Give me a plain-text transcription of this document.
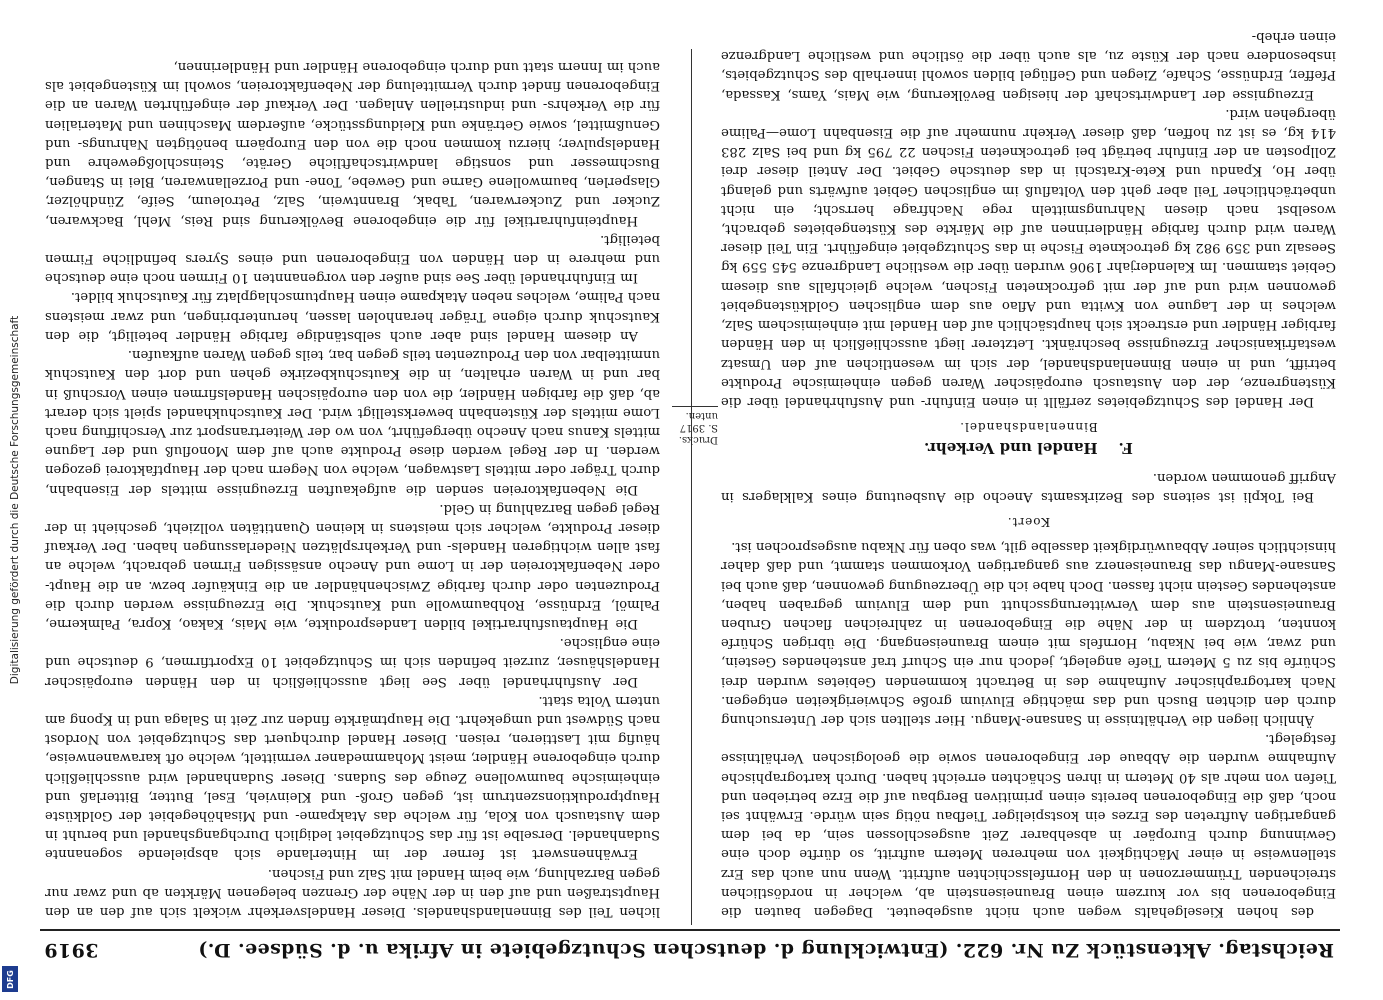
Digitalisierung gefördert durch die Deutsche Forschungsgemeinschaft
DFG
Reichstag. Aktenstück Zu Nr. 622. (Entwicklung d. deutschen Schutzgebiete in Afrika u. d. Südsee. D.)
3919

des hohen Kieselgehalts wegen auch nicht ausgebeutet. Dagegen bauten die Eingeborenen bis vor kurzem einen Brauneisenstein ab, welcher in nordöstlichen streichenden Trümmerzonen in den Hornfelsschichten auftritt. Wenn nun auch das Erz stellenweise in einer Mächtigkeit von mehreren Metern auftritt, so dürfte doch eine Gewinnung durch Europäer in absehbarer Zeit ausgeschlossen sein, da bei dem gangartigen Auftreten des Erzes ein kostspieliger Tiefbau nötig sein würde. Erwähnt sei noch, daß die Eingeborenen bereits einen primitiven Bergbau auf die Erze betrieben und Tiefen von mehr als 40 Metern in ihren Schächten erreicht haben. Durch kartographische Aufnahme wurden die Abbaue der Eingeborenen sowie die geologischen Verhältnisse festgelegt.

Ähnlich liegen die Verhältnisse in Sansane-Mangu. Hier stellten sich der Untersuchung durch den dichten Busch und das mächtige Eluvium große Schwierigkeiten entgegen. Nach kartographischer Aufnahme des in Betracht kommenden Gebietes wurden drei Schürfe bis zu 5 Metern Tiefe angelegt, jedoch nur ein Schurf traf anstehendes Gestein, und zwar, wie bei Nkabu, Hornfels mit einem Brauneisengang. Die übrigen Schürfe konnten, trotzdem in der Nähe die Eingeborenen in zahlreichen flachen Gruben Brauneisenstein aus dem Verwitterungsschutt und dem Eluvium gegraben haben, anstehendes Gestein nicht fassen. Doch habe ich die Überzeugung gewonnen, daß auch bei Sansane-Mangu das Brauneisenerz aus gangartigen Vorkommen stammt, und daß daher hinsichtlich seiner Abbauwürdigkeit dasselbe gilt, was oben für Nkabu ausgesprochen ist.

Koert.

Bei Tokpli ist seitens des Bezirksamts Anecho die Ausbeutung eines Kalklagers in Angriff genommen worden.

F.    Handel und Verkehr.
Binnenlandshandel.

Der Handel des Schutzgebietes zerfällt in einen Einfuhr- und Ausfuhrhandel über die Küstengrenze, der den Austausch europäischer Waren gegen einheimische Produkte betrifft, und in einen Binnenlandshandel, der sich im wesentlichen auf den Umsatz westafrikanischer Erzeugnisse beschränkt. Letzterer liegt ausschließlich in den Händen farbiger Händler und erstreckt sich hauptsächlich auf den Handel mit einheimischem Salz, welches in der Lagune von Kwitta und Aflao aus dem englischen Goldküstengebiet gewonnen wird und auf der mit gefrockneten Fischen, welche gleichfalls aus diesem Gebiet stammen. Im Kalenderjahr 1906 wurden über die westliche Landgrenze 545 559 kg Seesalz und 359 982 kg getrocknete Fische in das Schutzgebiet eingeführt. Ein Teil dieser Waren wird durch farbige Händlerinnen auf die Märkte des Küstengebietes gebracht, woselbst nach diesen Nahrungsmitteln rege Nachfrage herrscht; ein nicht unbeträchtlicher Teil aber geht den Voltafluß im englischen Gebiet aufwärts und gelangt über Ho, Kpandu und Kete-Kratschi in das deutsche Gebiet. Der Anteil dieser drei Zollposten an der Einfuhr beträgt bei getrockneten Fischen 22 795 kg und bei Salz 283 414 kg, es ist zu hoffen, daß dieser Verkehr nunmehr auf die Eisenbahn Lome—Palime übergehen wird.

Erzeugnisse der Landwirtschaft der hiesigen Bevölkerung, wie Mais, Yams, Kassada, Pfeffer, Erdnüsse, Schafe, Ziegen und Geflügel bilden sowohl innerhalb des Schutzgebiets, insbesondere nach der Küste zu, als auch über die östliche und westliche Landgrenze einen erheb-

Drucks. S. 3917 unten.

lichen Teil des Binnenlandshandels. Dieser Handelsverkehr wickelt sich auf den an den Hauptstraßen und auf den in der Nähe der Grenzen belegenen Märkten ab und zwar nur gegen Barzahlung, wie beim Handel mit Salz und Fischen.

Erwähnenswert ist ferner der im Hinterlande sich abspielende sogenannte Sudanhandel. Derselbe ist für das Schutzgebiet lediglich Durchgangshandel und beruht in dem Austausch von Kola, für welche das Atakpame- und Misahöhegebiet der Goldküste Hauptproduktionszentrum ist, gegen Groß- und Kleinvieh, Esel, Butter, Bitterlaß und einheimische baumwollene Zeuge des Sudans. Dieser Sudanhandel wird ausschließlich durch eingeborene Händler, meist Mohammedaner vermittelt, welche oft karawanenweise, häufig mit Lasttieren, reisen. Dieser Handel durchquert das Schutzgebiet von Nordost nach Südwest und umgekehrt. Die Hauptmärkte finden zur Zeit in Salaga und in Kpong am untern Volta statt.

Der Ausfuhrhandel über See liegt ausschließlich in den Händen europäischer Handelshäuser, zurzeit befinden sich im Schutzgebiet 10 Exportfirmen, 9 deutsche und eine englische.

Die Hauptausfuhrartikel bilden Landesprodukte, wie Mais, Kakao, Kopra, Palmkerne, Palmöl, Erdnüsse, Rohbaumwolle und Kautschuk. Die Erzeugnisse werden durch die Produzenten oder durch farbige Zwischenhändler an die Einkäufer bezw. an die Haupt- oder Nebenfaktoreien der in Lome und Anecho ansässigen Firmen gebracht, welche an fast allen wichtigeren Handels- und Verkehrsplätzen Niederlassungen haben. Der Verkauf dieser Produkte, welcher sich meistens in kleinen Quantitäten vollzieht, geschieht in der Regel gegen Barzahlung in Geld.

Die Nebenfaktoreien senden die aufgekauften Erzeugnisse mittels der Eisenbahn, durch Träger oder mittels Lastwagen, welche von Negern nach der Hauptfaktorei gezogen werden. In der Regel werden diese Produkte auch auf dem Monofluß und der Lagune mittels Kanus nach Anecho übergeführt, von wo der Weitertransport zur Verschiffung nach Lome mittels der Küstenbahn bewerkstelligt wird. Der Kautschukhandel spielt sich derart ab, daß die farbigen Händler, die von den europäischen Handelsfirmen einen Vorschuß in bar und in Waren erhalten, in die Kautschukbezirke gehen und dort den Kautschuk unmittelbar von den Produzenten teils gegen bar, teils gegen Waren aufkaufen.

An diesem Handel sind aber auch selbständige farbige Händler beteiligt, die den Kautschuk durch eigene Träger heranholen lassen, herunterbringen, und zwar meistens nach Palime, welches neben Atakpame einen Hauptumschlagplatz für Kautschuk bildet.

Im Einfuhrhandel über See sind außer den vorgenannten 10 Firmen noch eine deutsche und mehrere in den Händen von Eingeborenen und eines Syrers befindliche Firmen beteiligt.

Haupteinfuhrartikel für die eingeborene Bevölkerung sind Reis, Mehl, Backwaren, Zucker und Zuckerwaren, Tabak, Branntwein, Salz, Petroleum, Seife, Zündhölzer, Glasperlen, baumwollene Garne und Gewebe, Tone- und Porzellanwaren, Blei in Stangen, Buschmesser und sonstige landwirtschaftliche Geräte, Steinschloßgewehre und Handelspulver; hierzu kommen noch die von den Europäern benötigten Nahrungs- und Genußmittel, sowie Getränke und Kleidungsstücke, außerdem Maschinen und Materialien für die Verkehrs- und industriellen Anlagen. Der Verkauf der eingeführten Waren an die Eingeborenen findet durch Vermittelung der Nebenfaktoreien, sowohl im Küstengebiet als auch im Innern statt und durch eingeborene Händler und Händlerinnen,
